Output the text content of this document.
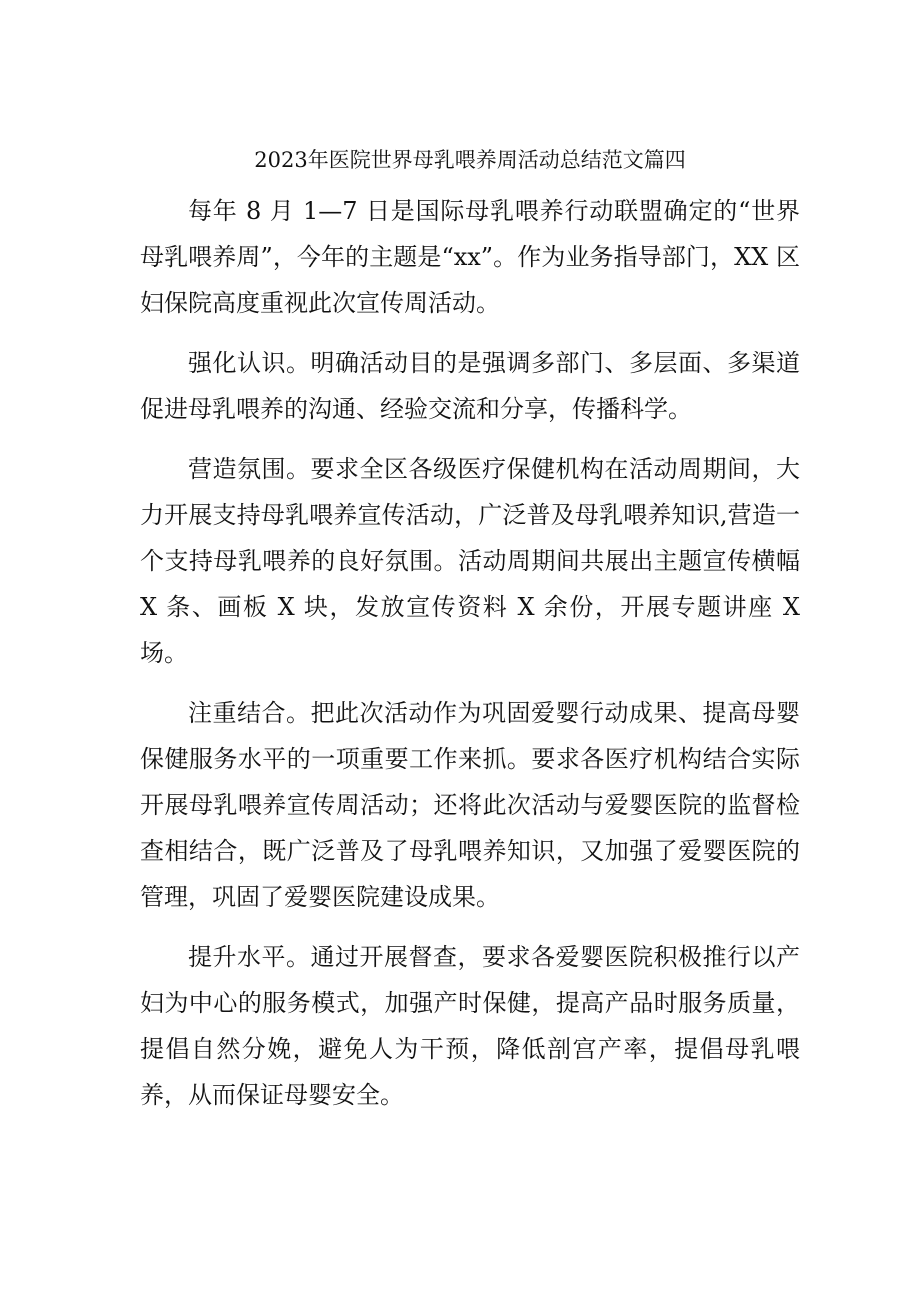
2023年医院世界母乳喂养周活动总结范文篇四

每年 8 月 1—7 日是国际母乳喂养行动联盟确定的“世界母乳喂养周”，今年的主题是“xx”。作为业务指导部门，XX 区妇保院高度重视此次宣传周活动。

强化认识。明确活动目的是强调多部门、多层面、多渠道促进母乳喂养的沟通、经验交流和分享，传播科学。

营造氛围。要求全区各级医疗保健机构在活动周期间，大力开展支持母乳喂养宣传活动，广泛普及母乳喂养知识,营造一个支持母乳喂养的良好氛围。活动周期间共展出主题宣传横幅 X 条、画板 X 块，发放宣传资料 X 余份，开展专题讲座 X 场。

注重结合。把此次活动作为巩固爱婴行动成果、提高母婴保健服务水平的一项重要工作来抓。要求各医疗机构结合实际开展母乳喂养宣传周活动；还将此次活动与爱婴医院的监督检查相结合，既广泛普及了母乳喂养知识，又加强了爱婴医院的管理，巩固了爱婴医院建设成果。

提升水平。通过开展督查，要求各爱婴医院积极推行以产妇为中心的服务模式，加强产时保健，提高产品时服务质量，提倡自然分娩，避免人为干预，降低剖宫产率，提倡母乳喂养，从而保证母婴安全。
